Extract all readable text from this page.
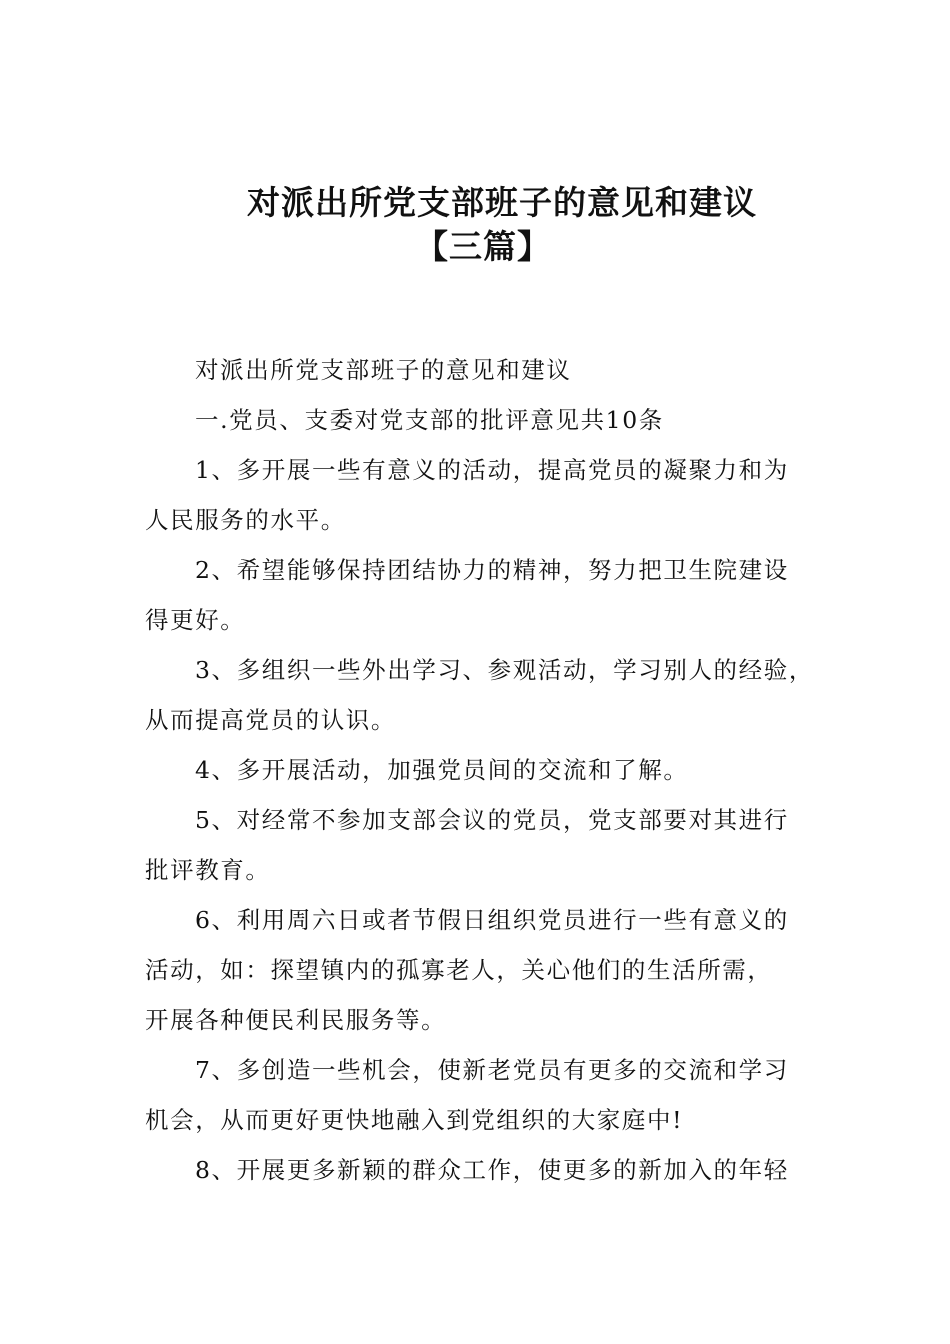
对派出所党支部班子的意见和建议
【三篇】
对派出所党支部班子的意见和建议
一.党员、支委对党支部的批评意见共10条
1、多开展一些有意义的活动，提高党员的凝聚力和为
人民服务的水平。
2、希望能够保持团结协力的精神，努力把卫生院建设
得更好。
3、多组织一些外出学习、参观活动，学习别人的经验，
从而提高党员的认识。
4、多开展活动，加强党员间的交流和了解。
5、对经常不参加支部会议的党员，党支部要对其进行
批评教育。
6、利用周六日或者节假日组织党员进行一些有意义的
活动，如：探望镇内的孤寡老人，关心他们的生活所需，
开展各种便民利民服务等。
7、多创造一些机会，使新老党员有更多的交流和学习
机会，从而更好更快地融入到党组织的大家庭中!
8、开展更多新颖的群众工作，使更多的新加入的年轻
